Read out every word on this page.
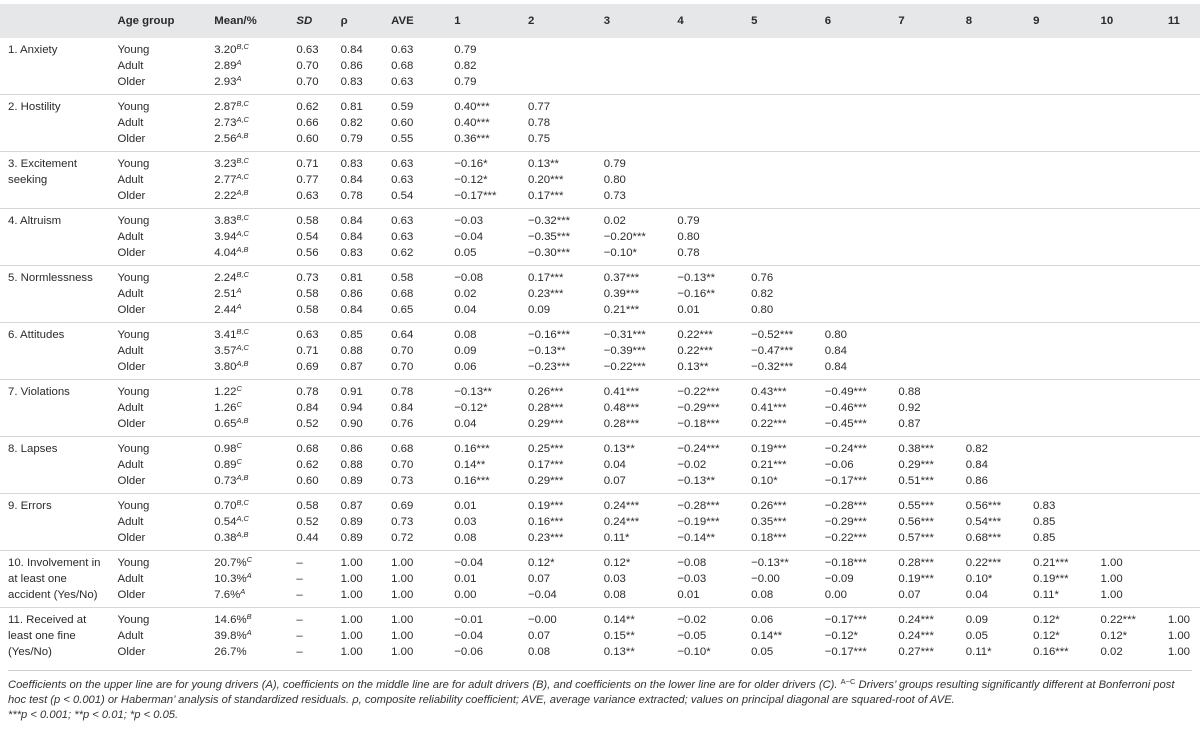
	Age group	Mean/%	SD	ρ	AVE	1	2	3	4	5	6	7	8	9	10	11
1. Anxiety	Young	$3.20^{B,C}$	0.63	0.84	0.63	0.79										
	Adult	$2.89^A$	0.70	0.86	0.68	0.82										
	Older	$2.93^A$	0.70	0.83	0.63	0.79										
2. Hostility	Young	$2.87^{B,C}$	0.62	0.81	0.59	0.40***	0.77									
	Adult	$2.73^{A,C}$	0.66	0.82	0.60	0.40***	0.78									
	Older	$2.56^{A,B}$	0.60	0.79	0.55	0.36***	0.75									
3. Excitement seeking	Young	$3.23^{B,C}$	0.71	0.83	0.63	−0.16*	0.13**	0.79								
	Adult	$2.77^{A,C}$	0.77	0.84	0.63	−0.12*	0.20***	0.80								
	Older	$2.22^{A,B}$	0.63	0.78	0.54	−0.17***	0.17***	0.73								
4. Altruism	Young	$3.83^{B,C}$	0.58	0.84	0.63	−0.03	−0.32***	0.02	0.79							
	Adult	$3.94^{A,C}$	0.54	0.84	0.63	−0.04	−0.35***	−0.20***	0.80							
	Older	$4.04^{A,B}$	0.56	0.83	0.62	0.05	−0.30***	−0.10*	0.78							
5. Normlessness	Young	$2.24^{B,C}$	0.73	0.81	0.58	−0.08	0.17***	0.37***	−0.13**	0.76						
	Adult	$2.51^A$	0.58	0.86	0.68	0.02	0.23***	0.39***	−0.16**	0.82						
	Older	$2.44^A$	0.58	0.84	0.65	0.04	0.09	0.21***	0.01	0.80						
6. Attitudes	Young	$3.41^{B,C}$	0.63	0.85	0.64	0.08	−0.16***	−0.31***	0.22***	−0.52***	0.80					
	Adult	$3.57^{A,C}$	0.71	0.88	0.70	0.09	−0.13**	−0.39***	0.22***	−0.47***	0.84					
	Older	$3.80^{A,B}$	0.69	0.87	0.70	0.06	−0.23***	−0.22***	0.13**	−0.32***	0.84					
7. Violations	Young	$1.22^C$	0.78	0.91	0.78	−0.13**	0.26***	0.41***	−0.22***	0.43***	−0.49***	0.88				
	Adult	$1.26^C$	0.84	0.94	0.84	−0.12*	0.28***	0.48***	−0.29***	0.41***	−0.46***	0.92				
	Older	$0.65^{A,B}$	0.52	0.90	0.76	0.04	0.29***	0.28***	−0.18***	0.22***	−0.45***	0.87				
8. Lapses	Young	$0.98^C$	0.68	0.86	0.68	0.16***	0.25***	0.13**	−0.24***	0.19***	−0.24***	0.38***	0.82			
	Adult	$0.89^C$	0.62	0.88	0.70	0.14**	0.17***	0.04	−0.02	0.21***	−0.06	0.29***	0.84			
	Older	$0.73^{A,B}$	0.60	0.89	0.73	0.16***	0.29***	0.07	−0.13**	0.10*	−0.17***	0.51***	0.86			
9. Errors	Young	$0.70^{B,C}$	0.58	0.87	0.69	0.01	0.19***	0.24***	−0.28***	0.26***	−0.28***	0.55***	0.56***	0.83		
	Adult	$0.54^{A,C}$	0.52	0.89	0.73	0.03	0.16***	0.24***	−0.19***	0.35***	−0.29***	0.56***	0.54***	0.85		
	Older	$0.38^{A,B}$	0.44	0.89	0.72	0.08	0.23***	0.11*	−0.14**	0.18***	−0.22***	0.57***	0.68***	0.85		
10. Involvement in at least one accident (Yes/No)	Young	20.7%$^C$	–	1.00	1.00	−0.04	0.12*	0.12*	−0.08	−0.13**	−0.18***	0.28***	0.22***	0.21***	1.00	
	Adult	10.3%$^A$	–	1.00	1.00	0.01	0.07	0.03	−0.03	−0.00	−0.09	0.19***	0.10*	0.19***	1.00	
	Older	7.6%$^A$	–	1.00	1.00	0.00	−0.04	0.08	0.01	0.08	0.00	0.07	0.04	0.11*	1.00	
11. Received at least one fine (Yes/No)	Young	14.6%$^B$	–	1.00	1.00	−0.01	−0.00	0.14**	−0.02	0.06	−0.17***	0.24***	0.09	0.12*	0.22***	1.00
	Adult	39.8%$^A$	–	1.00	1.00	−0.04	0.07	0.15**	−0.05	0.14**	−0.12*	0.24***	0.05	0.12*	0.12*	1.00
	Older	26.7%	–	1.00	1.00	−0.06	0.08	0.13**	−0.10*	0.05	−0.17***	0.27***	0.11*	0.16***	0.02	1.00
Coefficients on the upper line are for young drivers (A), coefficients on the middle line are for adult drivers (B), and coefficients on the lower line are for older drivers (C). $^{A-C}$ Drivers’ groups resulting significantly different at Bonferroni post hoc test (p < 0.001) or Haberman’ analysis of standardized residuals. ρ, composite reliability coefficient; AVE, average variance extracted; values on principal diagonal are squared-root of AVE.
***p < 0.001; **p < 0.01; *p < 0.05.
